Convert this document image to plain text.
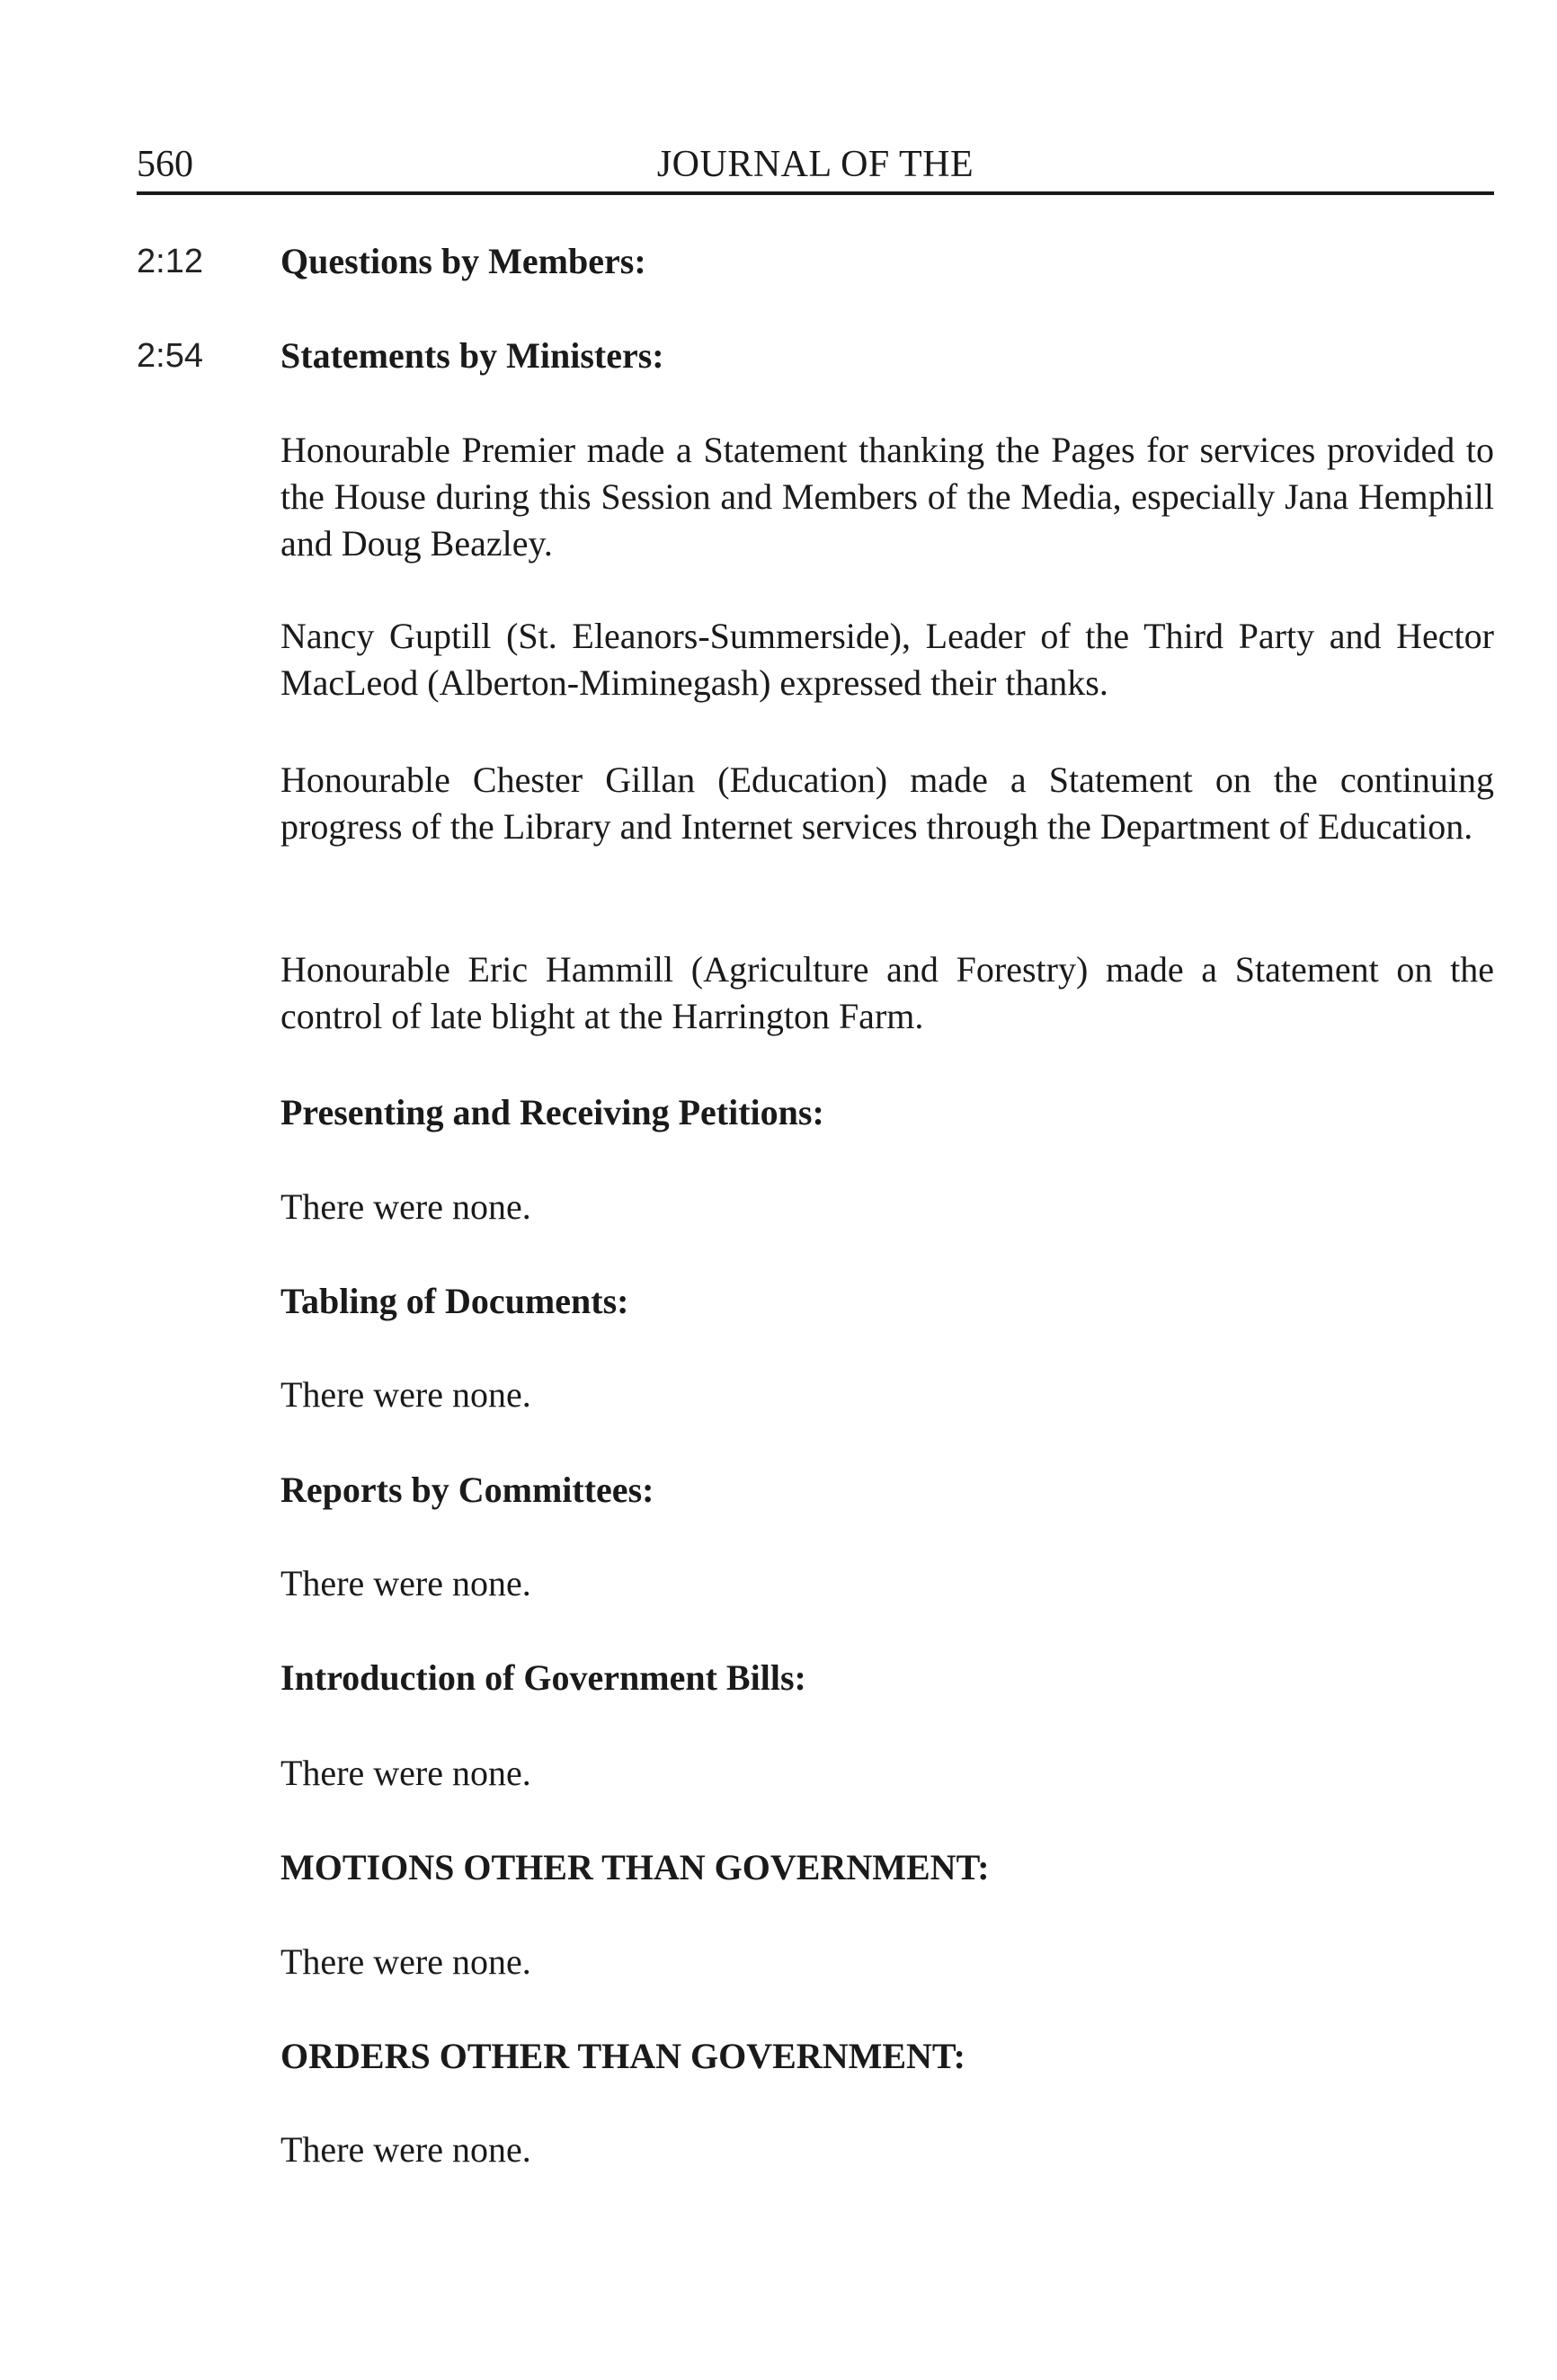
560	JOURNAL OF THE
2:12 Questions by Members:
2:54 Statements by Ministers:
Honourable Premier made a Statement thanking the Pages for services provided to the House during this Session and Members of the Media, especially Jana Hemphill and Doug Beazley.
Nancy Guptill (St. Eleanors-Summerside), Leader of the Third Party and Hector MacLeod (Alberton-Miminegash) expressed their thanks.
Honourable Chester Gillan (Education) made a Statement on the continuing progress of the Library and Internet services through the Department of Education.
Honourable Eric Hammill (Agriculture and Forestry) made a Statement on the control of late blight at the Harrington Farm.
Presenting and Receiving Petitions:
There were none.
Tabling of Documents:
There were none.
Reports by Committees:
There were none.
Introduction of Government Bills:
There were none.
MOTIONS OTHER THAN GOVERNMENT:
There were none.
ORDERS OTHER THAN GOVERNMENT:
There were none.
